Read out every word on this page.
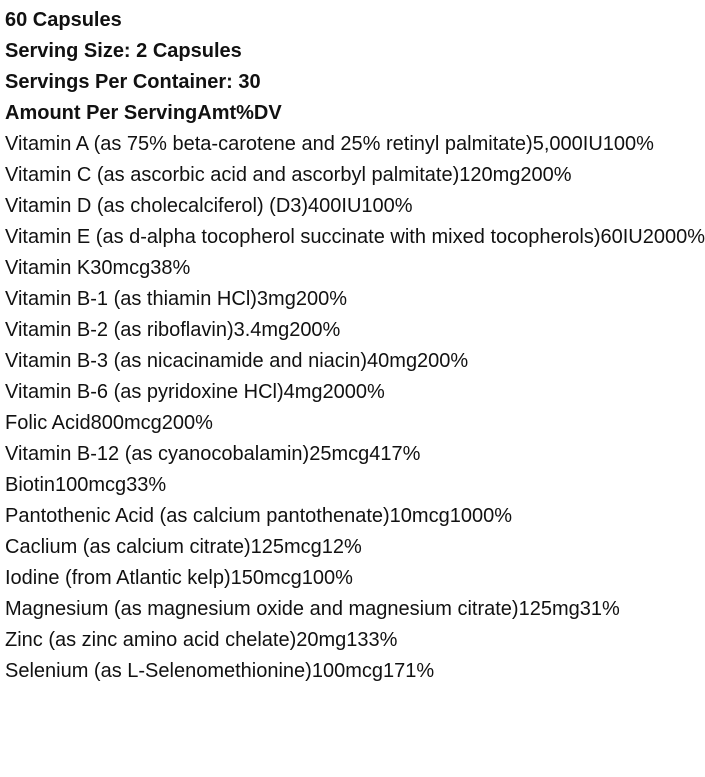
60 Capsules
Serving Size: 2 Capsules
Servings Per Container: 30
Amount Per ServingAmt%DV
Vitamin A (as 75% beta-carotene and 25% retinyl palmitate)5,000IU100%
Vitamin C (as ascorbic acid and ascorbyl palmitate)120mg200%
Vitamin D (as cholecalciferol) (D3)400IU100%
Vitamin E (as d-alpha tocopherol succinate with mixed tocopherols)60IU2000%
Vitamin K30mcg38%
Vitamin B-1 (as thiamin HCl)3mg200%
Vitamin B-2 (as riboflavin)3.4mg200%
Vitamin B-3 (as nicacinamide and niacin)40mg200%
Vitamin B-6 (as pyridoxine HCl)4mg2000%
Folic Acid800mcg200%
Vitamin B-12 (as cyanocobalamin)25mcg417%
Biotin100mcg33%
Pantothenic Acid (as calcium pantothenate)10mcg1000%
Caclium (as calcium citrate)125mcg12%
Iodine (from Atlantic kelp)150mcg100%
Magnesium (as magnesium oxide and magnesium citrate)125mg31%
Zinc (as zinc amino acid chelate)20mg133%
Selenium (as L-Selenomethionine)100mcg171%
